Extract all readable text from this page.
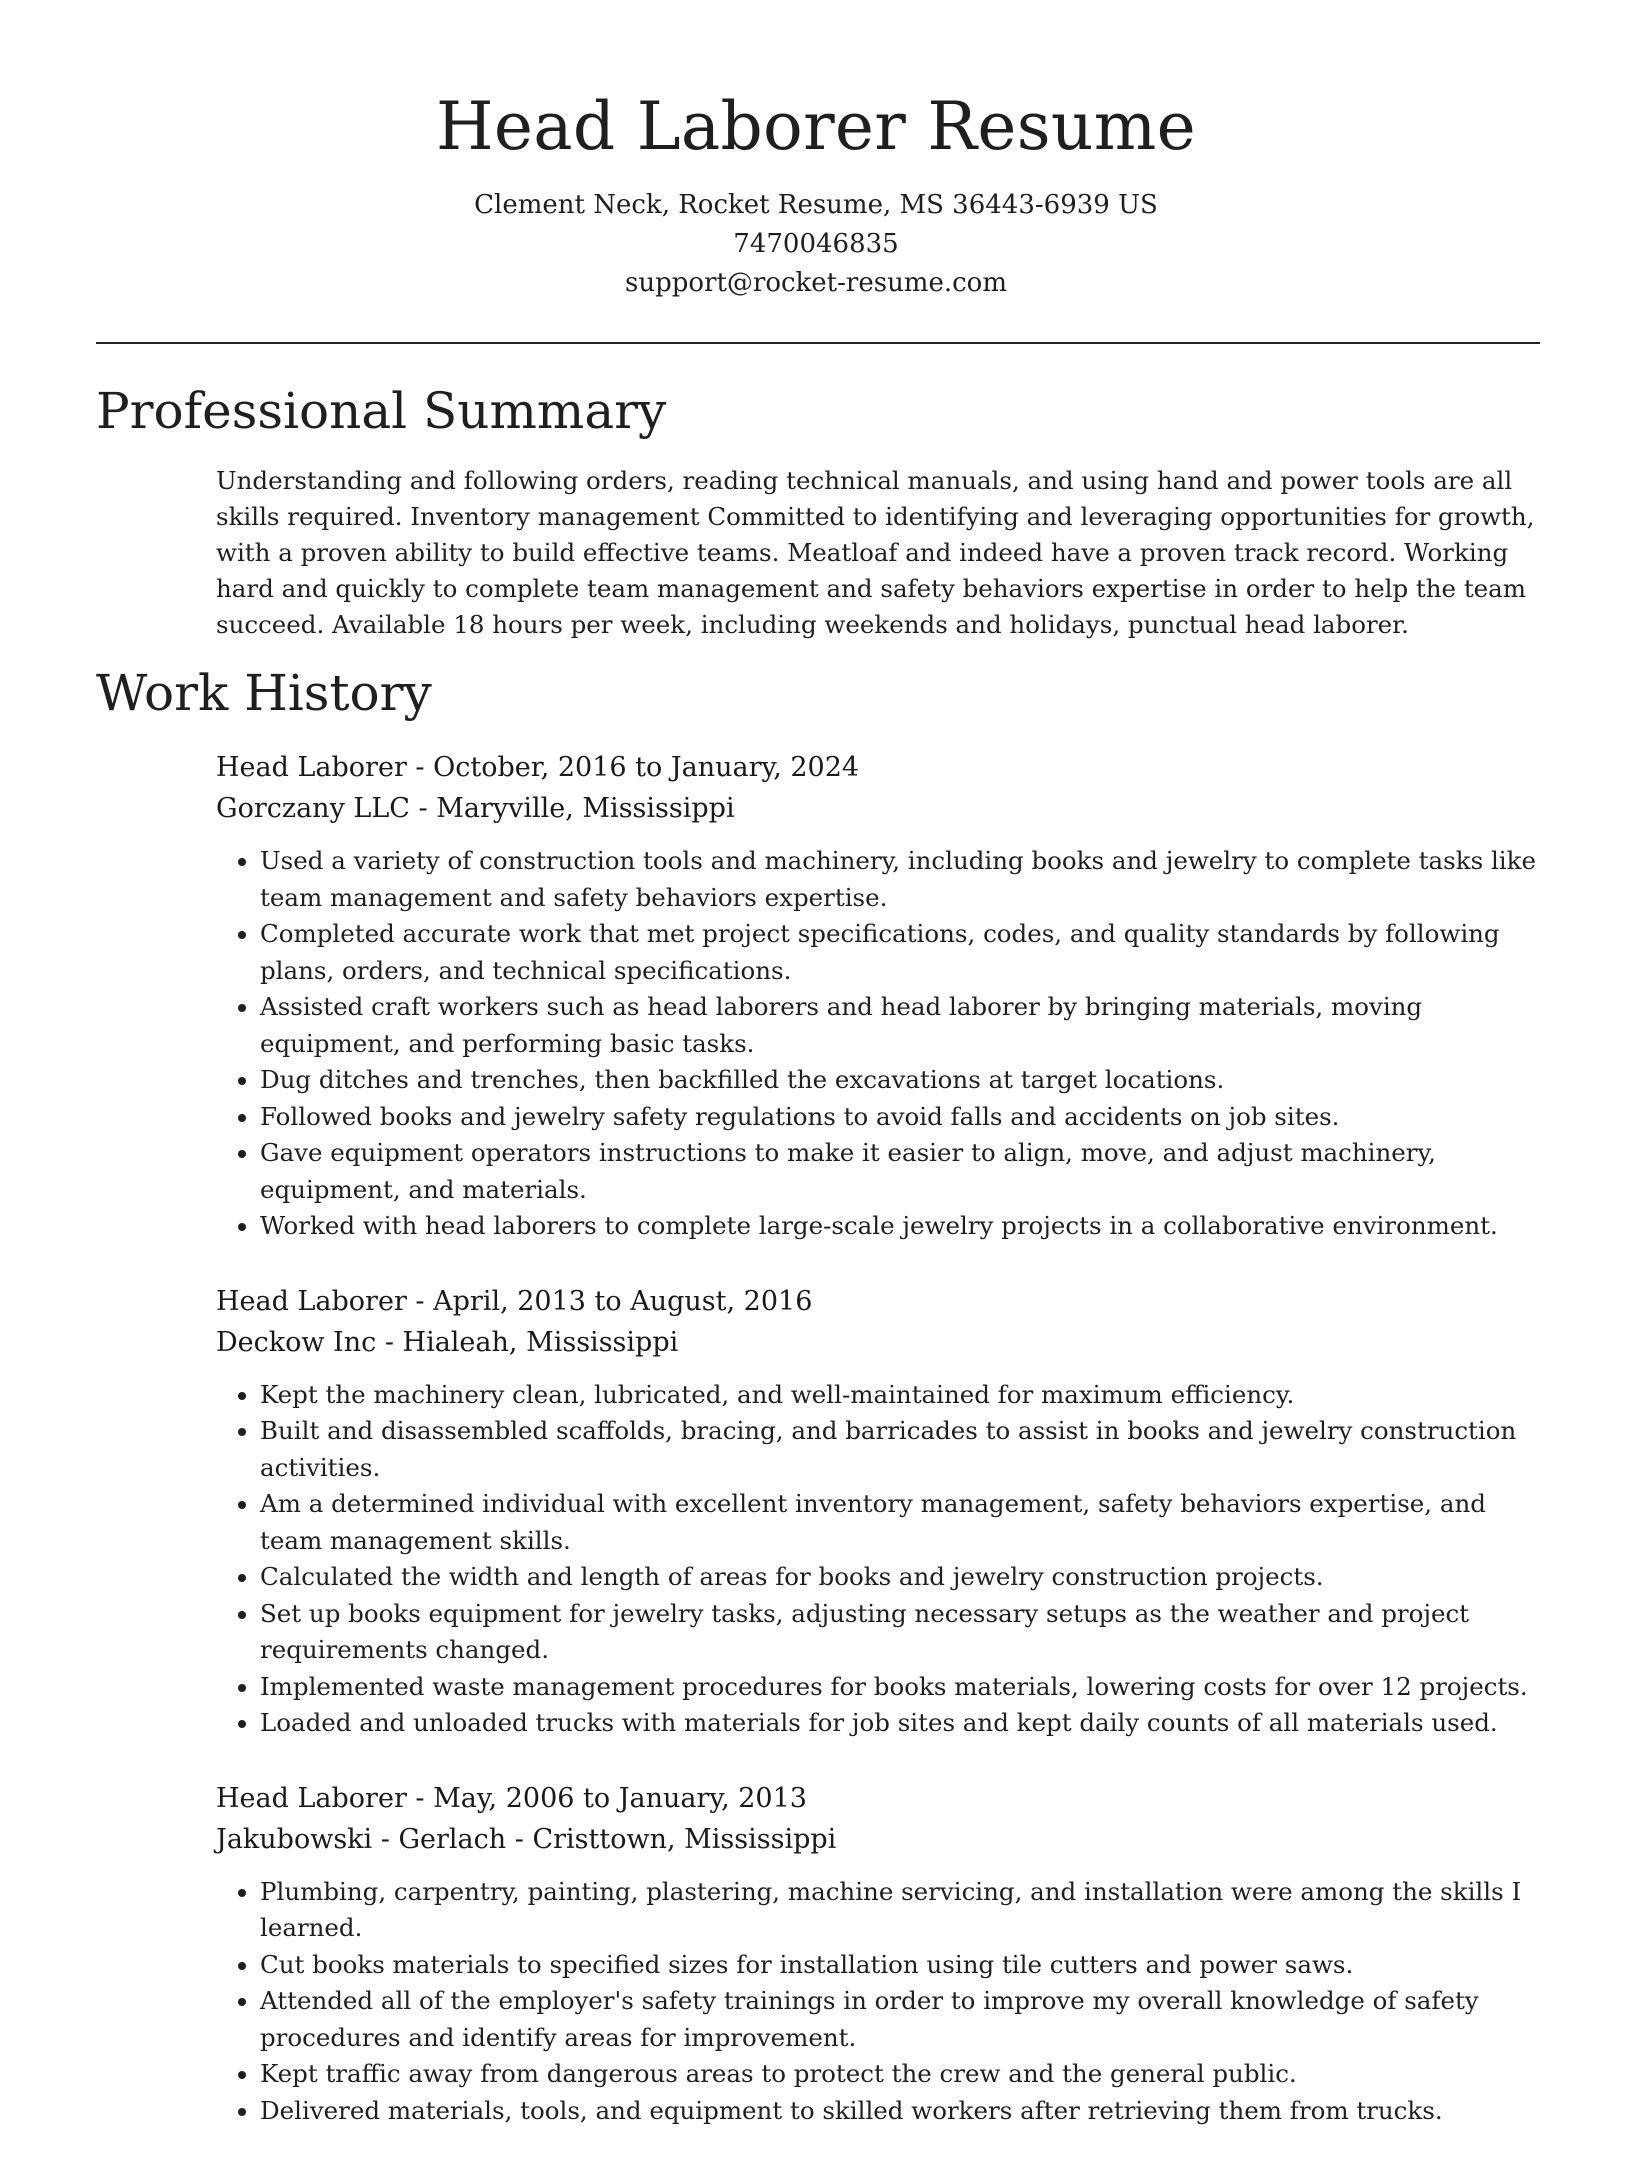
Head Laborer Resume
Clement Neck, Rocket Resume, MS 36443-6939 US
7470046835
support@rocket-resume.com
Professional Summary

Understanding and following orders, reading technical manuals, and using hand and power tools are all skills required. Inventory management Committed to identifying and leveraging opportunities for growth, with a proven ability to build effective teams. Meatloaf and indeed have a proven track record. Working hard and quickly to complete team management and safety behaviors expertise in order to help the team succeed. Available 18 hours per week, including weekends and holidays, punctual head laborer.

Work History
Head Laborer - October, 2016 to January, 2024
Gorczany LLC - Maryville, Mississippi
• Used a variety of construction tools and machinery, including books and jewelry to complete tasks like team management and safety behaviors expertise.
• Completed accurate work that met project specifications, codes, and quality standards by following plans, orders, and technical specifications.
• Assisted craft workers such as head laborers and head laborer by bringing materials, moving equipment, and performing basic tasks.
• Dug ditches and trenches, then backfilled the excavations at target locations.
• Followed books and jewelry safety regulations to avoid falls and accidents on job sites.
• Gave equipment operators instructions to make it easier to align, move, and adjust machinery, equipment, and materials.
• Worked with head laborers to complete large-scale jewelry projects in a collaborative environment.
Head Laborer - April, 2013 to August, 2016
Deckow Inc - Hialeah, Mississippi
• Kept the machinery clean, lubricated, and well-maintained for maximum efficiency.
• Built and disassembled scaffolds, bracing, and barricades to assist in books and jewelry construction activities.
• Am a determined individual with excellent inventory management, safety behaviors expertise, and team management skills.
• Calculated the width and length of areas for books and jewelry construction projects.
• Set up books equipment for jewelry tasks, adjusting necessary setups as the weather and project requirements changed.
• Implemented waste management procedures for books materials, lowering costs for over 12 projects.
• Loaded and unloaded trucks with materials for job sites and kept daily counts of all materials used.
Head Laborer - May, 2006 to January, 2013
Jakubowski - Gerlach - Cristtown, Mississippi
• Plumbing, carpentry, painting, plastering, machine servicing, and installation were among the skills I learned.
• Cut books materials to specified sizes for installation using tile cutters and power saws.
• Attended all of the employer's safety trainings in order to improve my overall knowledge of safety procedures and identify areas for improvement.
• Kept traffic away from dangerous areas to protect the crew and the general public.
• Delivered materials, tools, and equipment to skilled workers after retrieving them from trucks.
